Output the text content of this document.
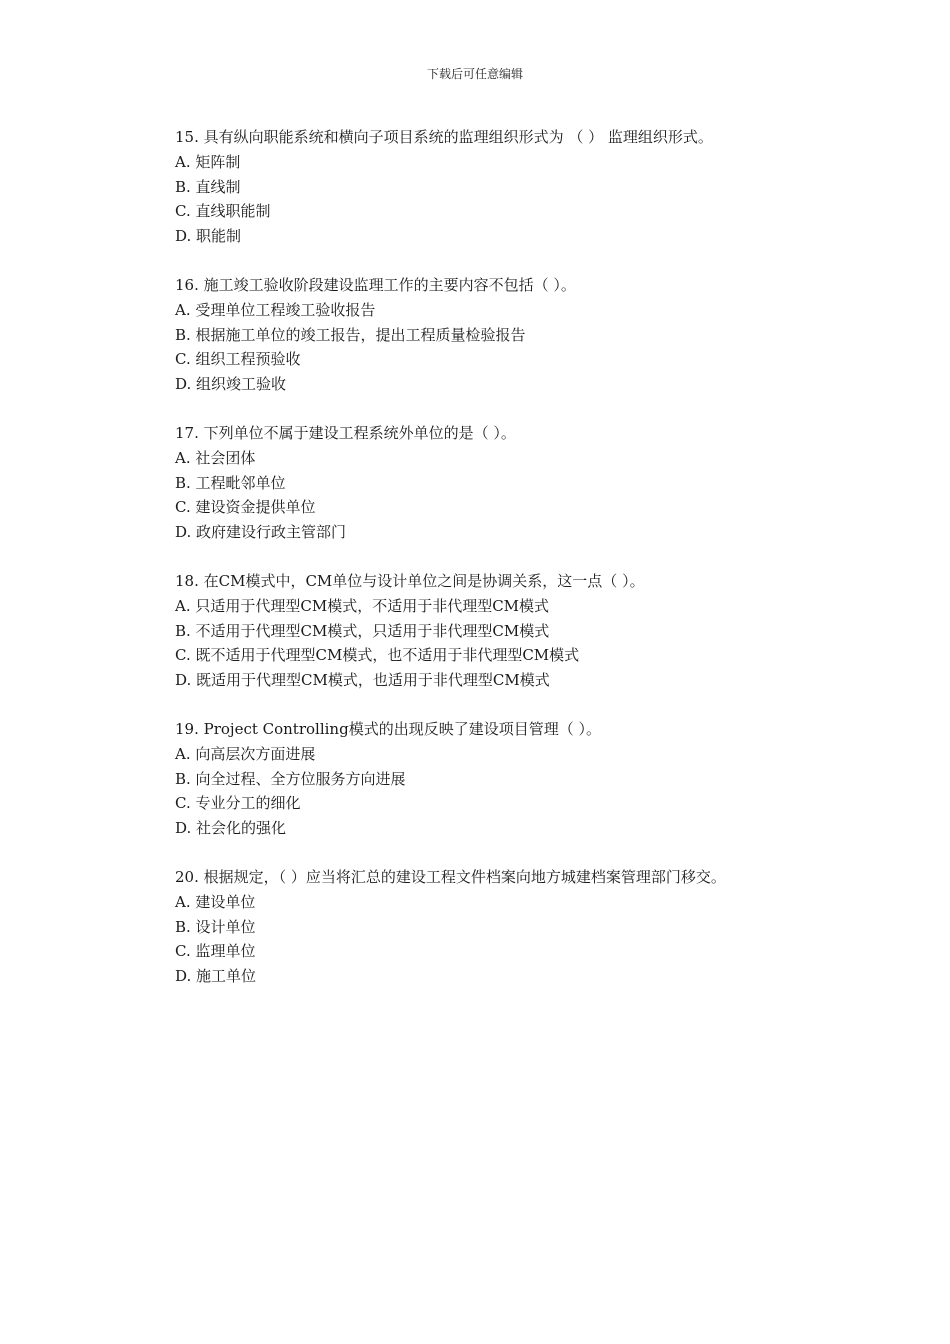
下载后可任意编辑
15. 具有纵向职能系统和横向子项目系统的监理组织形式为 （ ） 监理组织形式。
A. 矩阵制
B. 直线制
C. 直线职能制
D. 职能制
16. 施工竣工验收阶段建设监理工作的主要内容不包括（ ）。
A. 受理单位工程竣工验收报告
B. 根据施工单位的竣工报告，提出工程质量检验报告
C. 组织工程预验收
D. 组织竣工验收
17. 下列单位不属于建设工程系统外单位的是（ ）。
A. 社会团体
B. 工程毗邻单位
C. 建设资金提供单位
D. 政府建设行政主管部门
18. 在CM模式中，CM单位与设计单位之间是协调关系，这一点（ ）。
A. 只适用于代理型CM模式，不适用于非代理型CM模式
B. 不适用于代理型CM模式，只适用于非代理型CM模式
C. 既不适用于代理型CM模式，也不适用于非代理型CM模式
D. 既适用于代理型CM模式，也适用于非代理型CM模式
19. Project Controlling模式的出现反映了建设项目管理（ ）。
A. 向高层次方面进展
B. 向全过程、全方位服务方向进展
C. 专业分工的细化
D. 社会化的强化
20. 根据规定，（ ）应当将汇总的建设工程文件档案向地方城建档案管理部门移交。
A. 建设单位
B. 设计单位
C. 监理单位
D. 施工单位
